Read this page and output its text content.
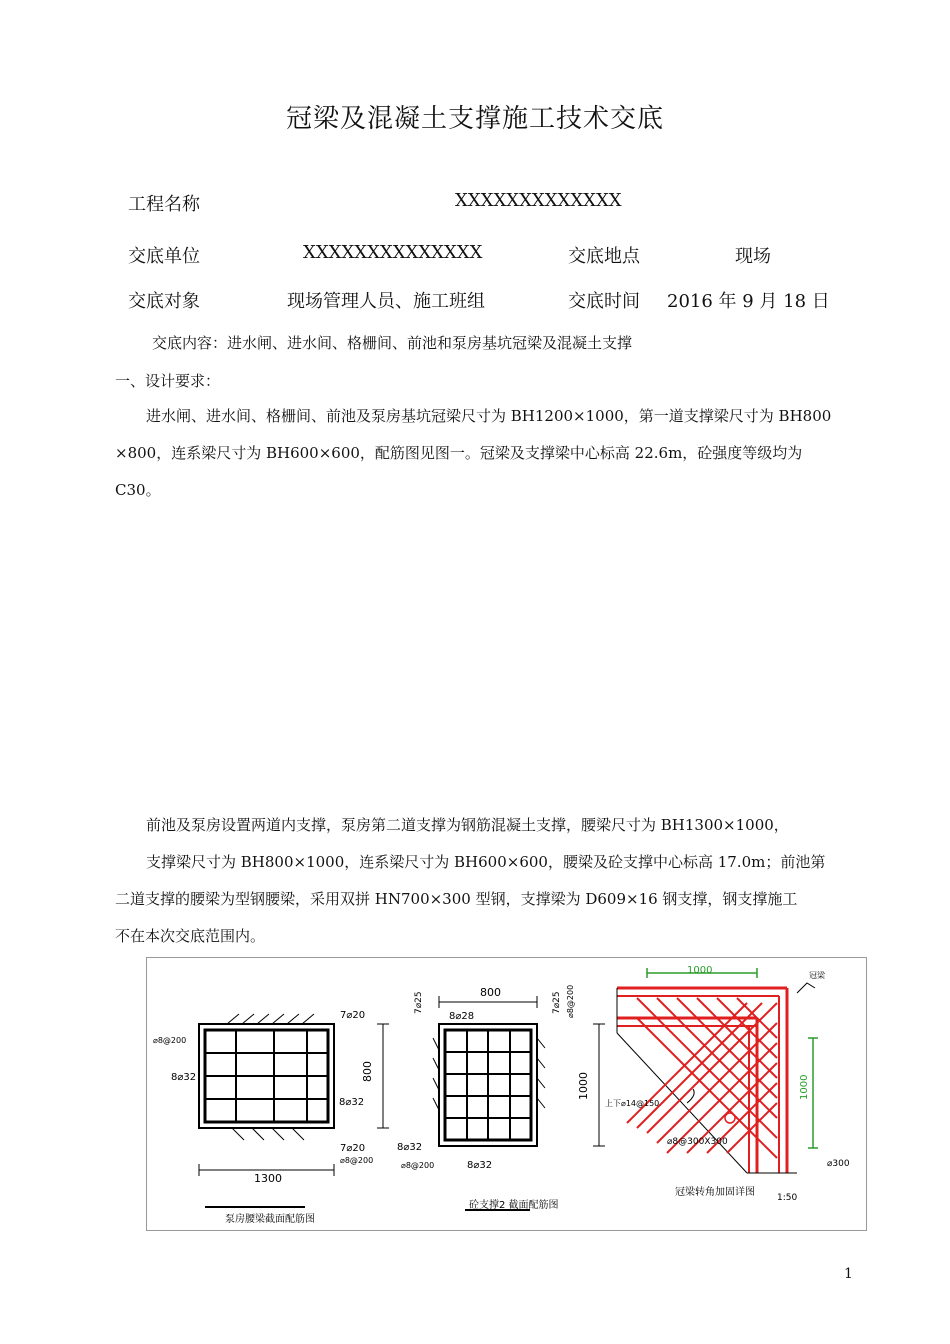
冠梁及混凝土支撑施工技术交底
工程名称	XXXXXXXXXXXXX
交底单位	XXXXXXXXXXXXXX	交底地点	现场
交底对象	现场管理人员、施工班组	交底时间 2016 年 9 月 18 日
交底内容：进水闸、进水间、格栅间、前池和泵房基坑冠梁及混凝土支撑
一、设计要求：
进水闸、进水间、格栅间、前池及泵房基坑冠梁尺寸为 BH1200×1000，第一道支撑梁尺寸为 BH800
×800，连系梁尺寸为 BH600×600，配筋图见图一。冠梁及支撑梁中心标高 22.6m，砼强度等级均为
C30。
前池及泵房设置两道内支撑，泵房第二道支撑为钢筋混凝土支撑，腰梁尺寸为 BH1300×1000，
支撑梁尺寸为 BH800×1000，连系梁尺寸为 BH600×600，腰梁及砼支撑中心标高 17.0m；前池第
二道支撑的腰梁为型钢腰梁，采用双拼 HN700×300 型钢，支撑梁为 D609×16 钢支撑，钢支撑施工
不在本次交底范围内。
7⌀20
⌀8@200
8⌀32
8⌀32
7⌀20
⌀8@200
800
1300
泵房腰梁截面配筋图
800
7⌀25	7⌀25 ⌀8@200
8⌀28
1000
8⌀32
⌀8@200	8⌀32
砼支撑2 截面配筋图
1000
1000
上下⌀14@150
⌀8@300X300
冠梁
⌀300
冠梁转角加固详图 1:50
1
